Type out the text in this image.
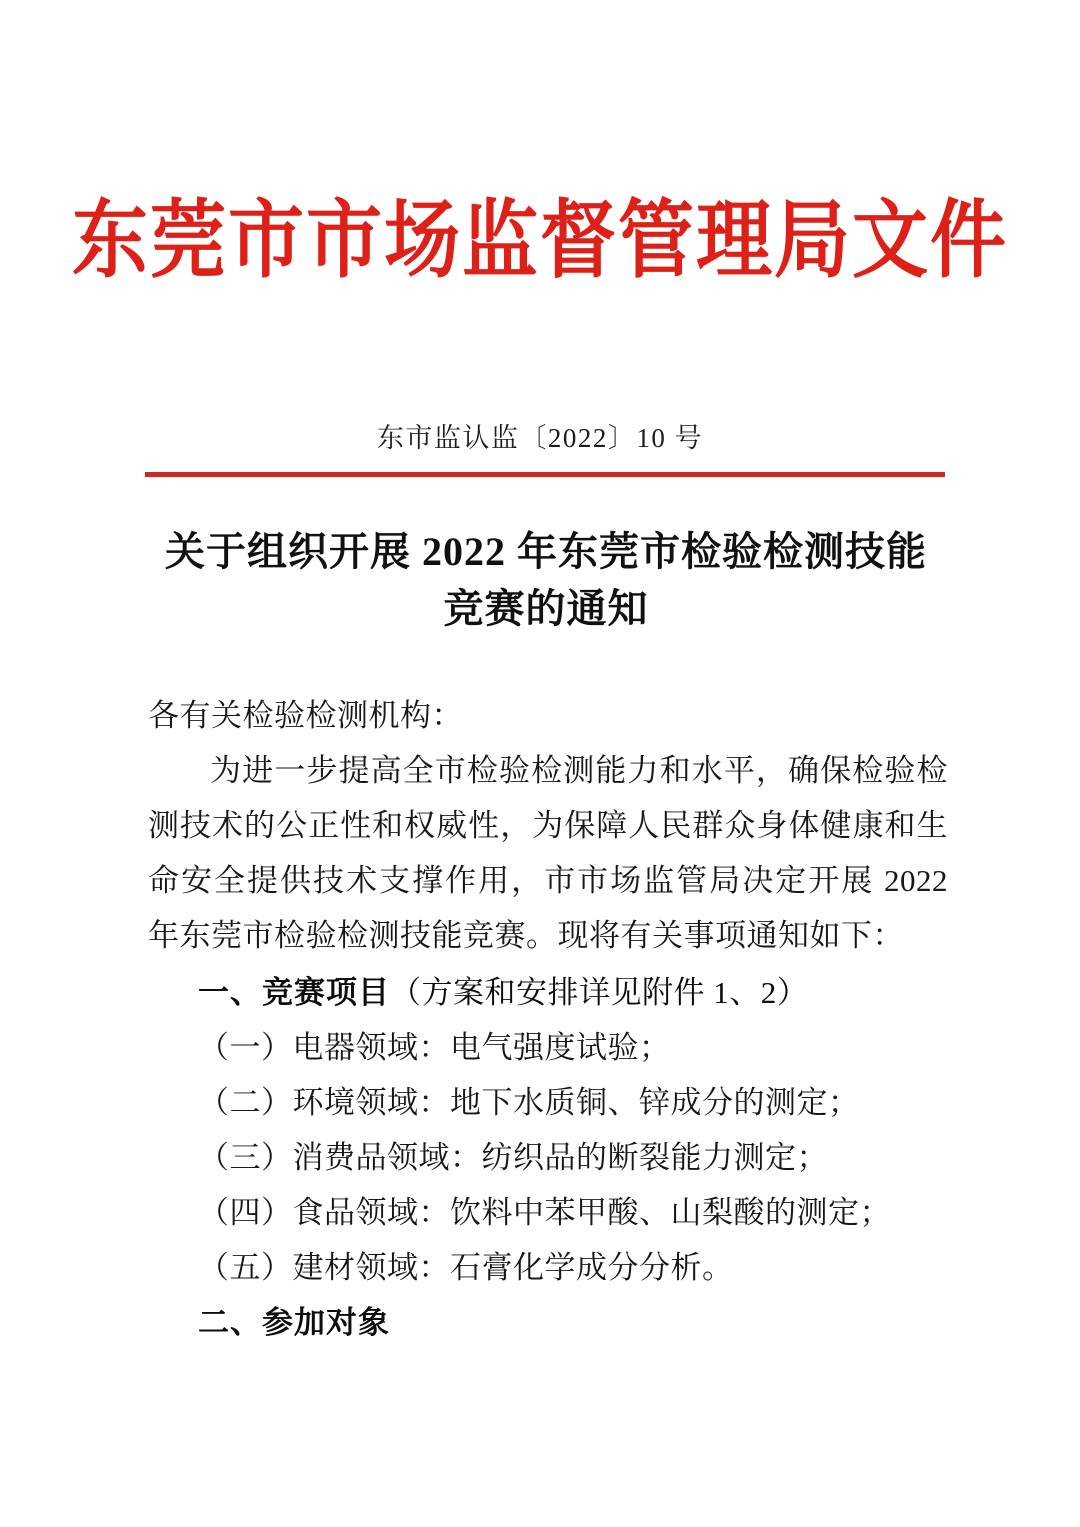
东莞市市场监督管理局文件
东市监认监〔2022〕10 号
关于组织开展 2022 年东莞市检验检测技能
竞赛的通知

各有关检验检测机构：

为进一步提高全市检验检测能力和水平，确保检验检测技术的公正性和权威性，为保障人民群众身体健康和生命安全提供技术支撑作用，市市场监管局决定开展 2022 年东莞市检验检测技能竞赛。现将有关事项通知如下：

一、竞赛项目（方案和安排详见附件 1、2）

（一）电器领域：电气强度试验；

（二）环境领域：地下水质铜、锌成分的测定；

（三）消费品领域：纺织品的断裂能力测定；

（四）食品领域：饮料中苯甲酸、山梨酸的测定；

（五）建材领域：石膏化学成分分析。

二、参加对象
